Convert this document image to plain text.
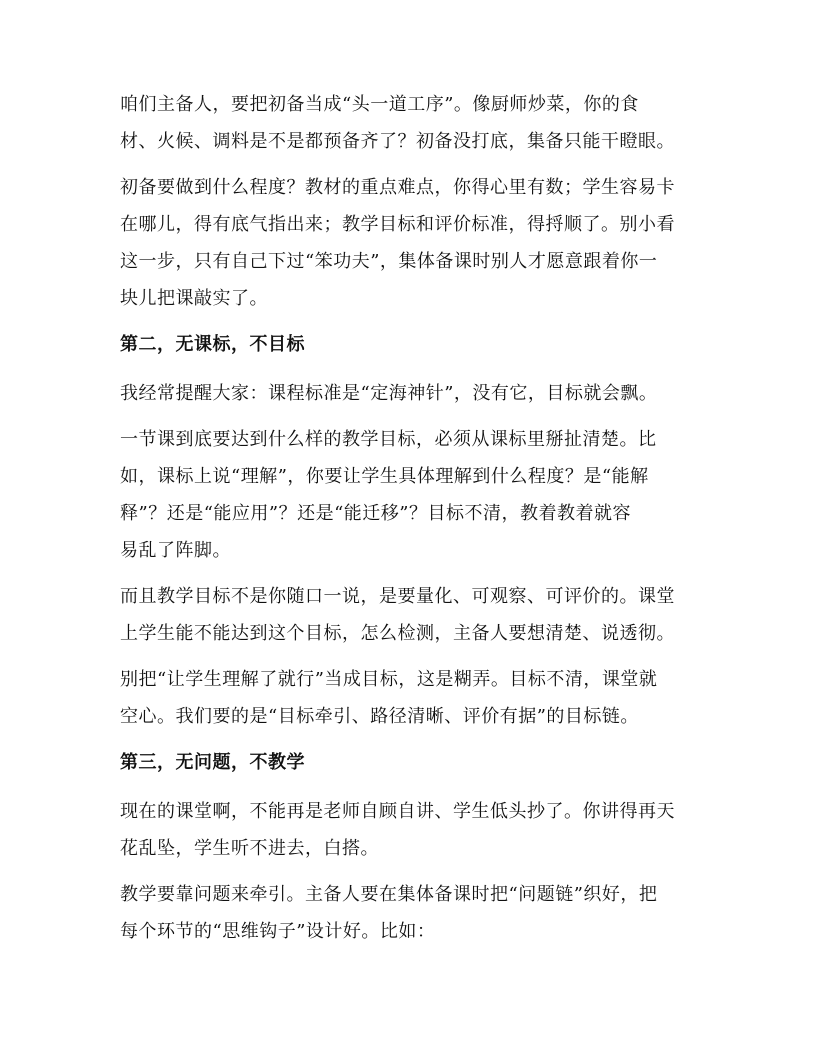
咱们主备人，要把初备当成“头一道工序”。像厨师炒菜，你的食
材、火候、调料是不是都预备齐了？初备没打底，集备只能干瞪眼。

初备要做到什么程度？教材的重点难点，你得心里有数；学生容易卡
在哪儿，得有底气指出来；教学目标和评价标准，得捋顺了。别小看
这一步，只有自己下过“笨功夫”，集体备课时别人才愿意跟着你一
块儿把课敲实了。

第二，无课标，不目标

我经常提醒大家：课程标准是“定海神针”，没有它，目标就会飘。

一节课到底要达到什么样的教学目标，必须从课标里掰扯清楚。比
如，课标上说“理解”，你要让学生具体理解到什么程度？是“能解
释”？还是“能应用”？还是“能迁移”？目标不清，教着教着就容
易乱了阵脚。

而且教学目标不是你随口一说，是要量化、可观察、可评价的。课堂
上学生能不能达到这个目标，怎么检测，主备人要想清楚、说透彻。

别把“让学生理解了就行”当成目标，这是糊弄。目标不清，课堂就
空心。我们要的是“目标牵引、路径清晰、评价有据”的目标链。

第三，无问题，不教学

现在的课堂啊，不能再是老师自顾自讲、学生低头抄了。你讲得再天
花乱坠，学生听不进去，白搭。

教学要靠问题来牵引。主备人要在集体备课时把“问题链”织好，把
每个环节的“思维钩子”设计好。比如：
